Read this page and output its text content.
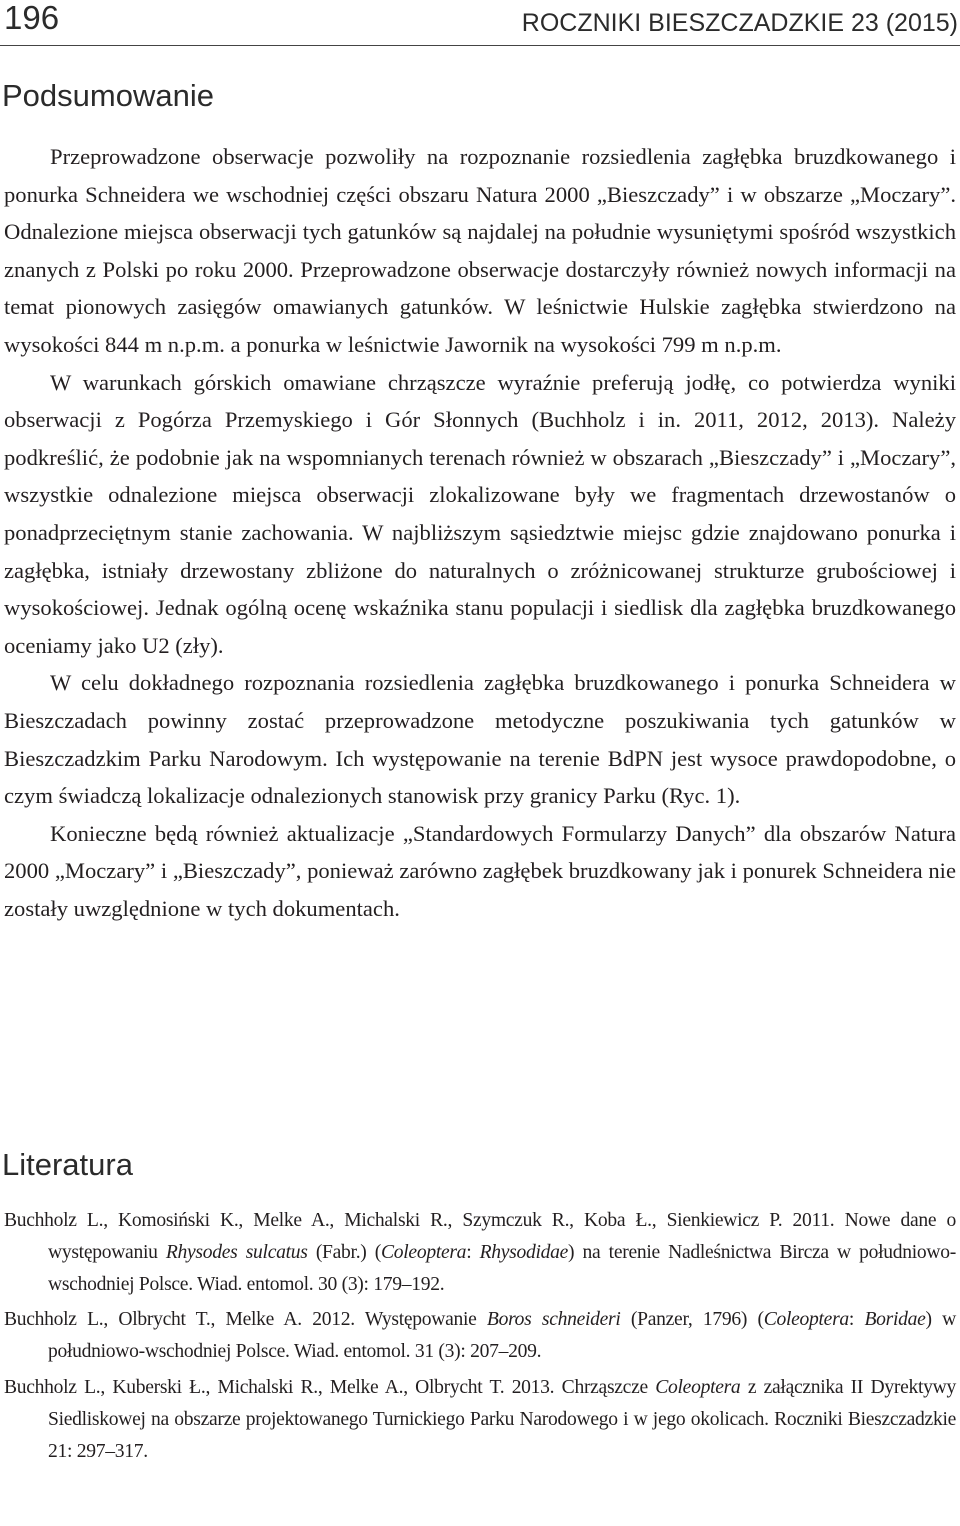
196	ROCZNIKI BIESZCZADZKIE 23 (2015)
Podsumowanie

Przeprowadzone obserwacje pozwoliły na rozpoznanie rozsiedlenia zagłębka bruzdkowanego i ponurka Schneidera we wschodniej części obszaru Natura 2000 „Bieszczady” i w obszarze „Moczary”. Odnalezione miejsca obserwacji tych gatunków są najdalej na południe wysuniętymi spośród wszystkich znanych z Polski po roku 2000. Przeprowadzone obserwacje dostarczyły również nowych informacji na temat pionowych zasięgów omawianych gatunków. W leśnictwie Hulskie zagłębka stwierdzono na wysokości 844 m n.p.m. a ponurka w leśnictwie Jawornik na wysokości 799 m n.p.m.

W warunkach górskich omawiane chrząszcze wyraźnie preferują jodłę, co potwierdza wyniki obserwacji z Pogórza Przemyskiego i Gór Słonnych (Buchholz i in. 2011, 2012, 2013). Należy podkreślić, że podobnie jak na wspomnianych terenach również w obszarach „Bieszczady” i „Moczary”, wszystkie odnalezione miejsca obserwacji zlokalizowane były we fragmentach drzewostanów o ponadprzeciętnym stanie zachowania. W najbliższym sąsiedztwie miejsc gdzie znajdowano ponurka i zagłębka, istniały drzewostany zbliżone do naturalnych o zróżnicowanej strukturze grubościowej i wysokościowej. Jednak ogólną ocenę wskaźnika stanu populacji i siedlisk dla zagłębka bruzdkowanego oceniamy jako U2 (zły).

W celu dokładnego rozpoznania rozsiedlenia zagłębka bruzdkowanego i ponurka Schneidera w Bieszczadach powinny zostać przeprowadzone metodyczne poszukiwania tych gatunków w Bieszczadzkim Parku Narodowym. Ich występowanie na terenie BdPN jest wysoce prawdopodobne, o czym świadczą lokalizacje odnalezionych stanowisk przy granicy Parku (Ryc. 1).

Konieczne będą również aktualizacje „Standardowych Formularzy Danych” dla obszarów Natura 2000 „Moczary” i „Bieszczady”, ponieważ zarówno zagłębek bruzdkowany jak i ponurek Schneidera nie zostały uwzględnione w tych dokumentach.

Literatura

Buchholz L., Komosiński K., Melke A., Michalski R., Szymczuk R., Koba Ł., Sienkiewicz P. 2011. Nowe dane o występowaniu Rhysodes sulcatus (Fabr.) (Coleoptera: Rhysodidae) na terenie Nadleśnictwa Bircza w południowo-wschodniej Polsce. Wiad. entomol. 30 (3): 179–192.

Buchholz L., Olbrycht T., Melke A. 2012. Występowanie Boros schneideri (Panzer, 1796) (Coleoptera: Boridae) w południowo-wschodniej Polsce. Wiad. entomol. 31 (3): 207–209.

Buchholz L., Kuberski Ł., Michalski R., Melke A., Olbrycht T. 2013. Chrząszcze Coleoptera z załącznika II Dyrektywy Siedliskowej na obszarze projektowanego Turnickiego Parku Narodowego i w jego okolicach. Roczniki Bieszczadzkie 21: 297–317.
